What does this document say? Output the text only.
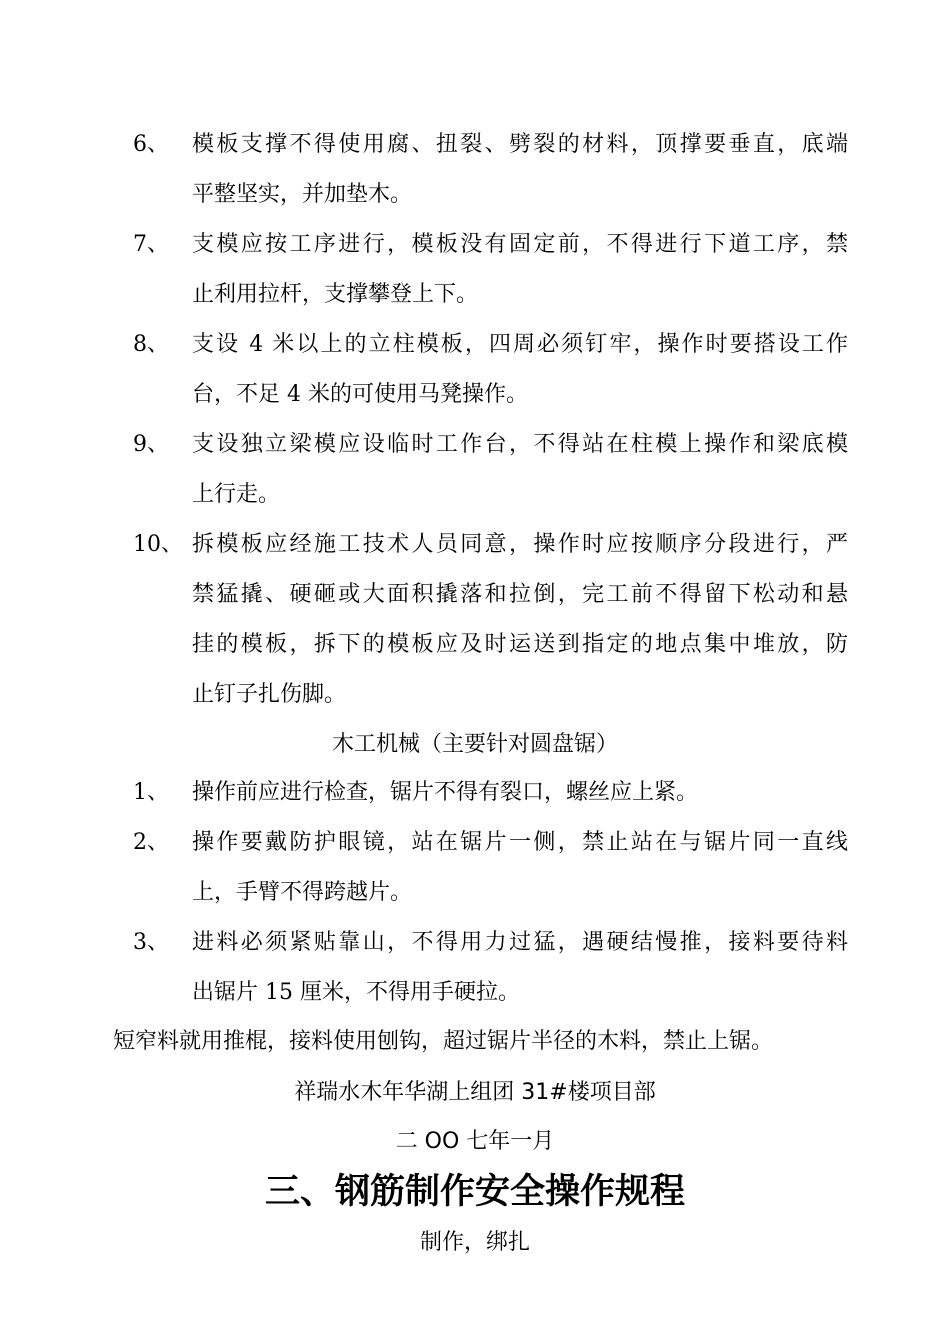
6、 模板支撑不得使用腐、扭裂、劈裂的材料，顶撑要垂直，底端
平整坚实，并加垫木。
7、 支模应按工序进行，模板没有固定前，不得进行下道工序，禁
止利用拉杆，支撑攀登上下。
8、 支设 4 米以上的立柱模板，四周必须钉牢，操作时要搭设工作
台，不足 4 米的可使用马凳操作。
9、 支设独立梁模应设临时工作台，不得站在柱模上操作和梁底模
上行走。
10、 拆模板应经施工技术人员同意，操作时应按顺序分段进行，严
禁猛撬、硬砸或大面积撬落和拉倒，完工前不得留下松动和悬
挂的模板，拆下的模板应及时运送到指定的地点集中堆放，防
止钉子扎伤脚。
木工机械（主要针对圆盘锯）
1、 操作前应进行检查，锯片不得有裂口，螺丝应上紧。
2、 操作要戴防护眼镜，站在锯片一侧，禁止站在与锯片同一直线
上，手臂不得跨越片。
3、 进料必须紧贴靠山，不得用力过猛，遇硬结慢推，接料要待料
出锯片 15 厘米，不得用手硬拉。
短窄料就用推棍，接料使用刨钩，超过锯片半径的木料，禁止上锯。
祥瑞水木年华湖上组团 31#楼项目部
二 OO 七年一月
三、钢筋制作安全操作规程
制作，绑扎
